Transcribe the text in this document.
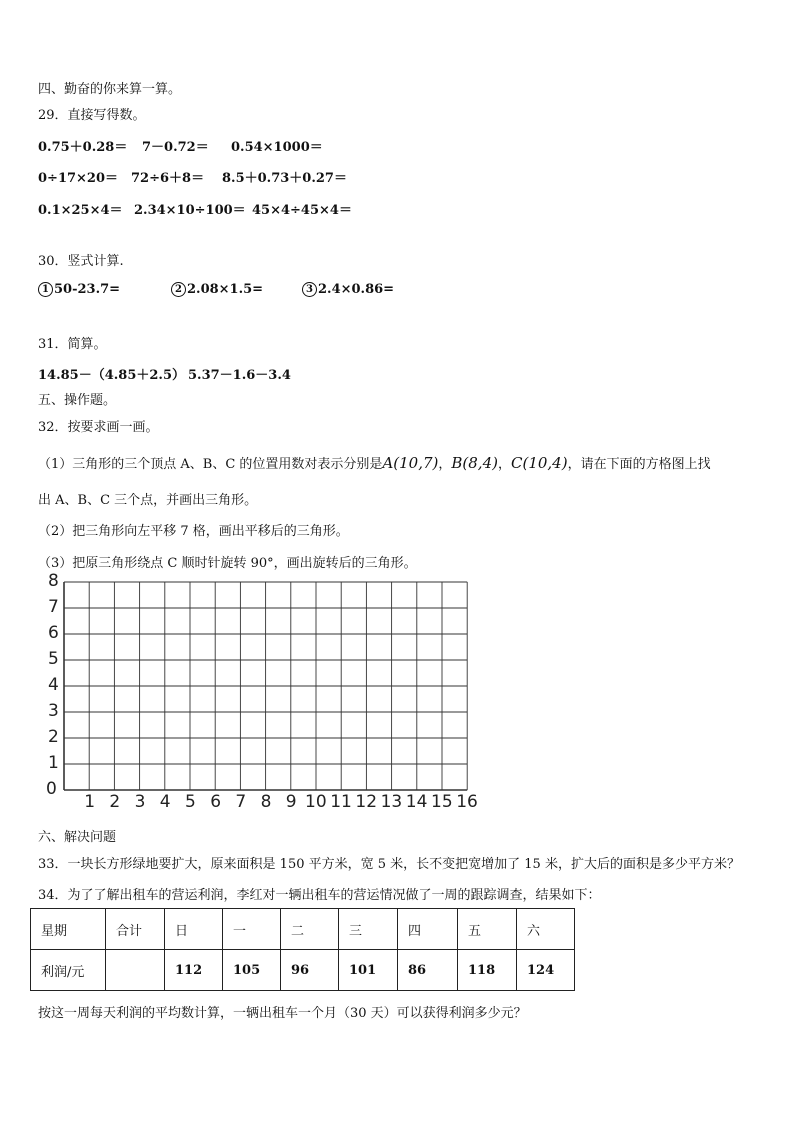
四、勤奋的你来算一算。
29．直接写得数。
0.75＋0.28＝ 7－0.72＝ 0.54×1000＝
0÷17×20＝ 72÷6＋8＝ 8.5＋0.73＋0.27＝
0.1×25×4＝ 2.34×10÷100＝ 45×4÷45×4＝
30．竖式计算.
1 50-23.7=	2 2.08×1.5=	3 2.4×0.86=
31．简算。
14.85－（4.85＋2.5） 5.37－1.6－3.4
五、操作题。
32．按要求画一画。
（1）三角形的三个顶点 A、B、C 的位置用数对表示分别是A(10,7)，B(8,4)，C(10,4)，请在下面的方格图上找
出 A、B、C 三个点，并画出三角形。
（2）把三角形向左平移 7 格，画出平移后的三角形。
（3）把原三角形绕点 C 顺时针旋转 90°，画出旋转后的三角形。
0
1 2 3 4 5 6 7 8 9 10 11 12 13 14 15 16
1
2
3
4
5
6
7
8
六、解决问题
33．一块长方形绿地要扩大，原来面积是 150 平方米，宽 5 米，长不变把宽增加了 15 米，扩大后的面积是多少平方米？
34．为了了解出租车的营运利润，李红对一辆出租车的营运情况做了一周的跟踪调查，结果如下：
星期	合计	日	一	二	三	四	五	六
利润/元		112	105	96	101	86	118	124
按这一周每天利润的平均数计算，一辆出租车一个月（30 天）可以获得利润多少元？
